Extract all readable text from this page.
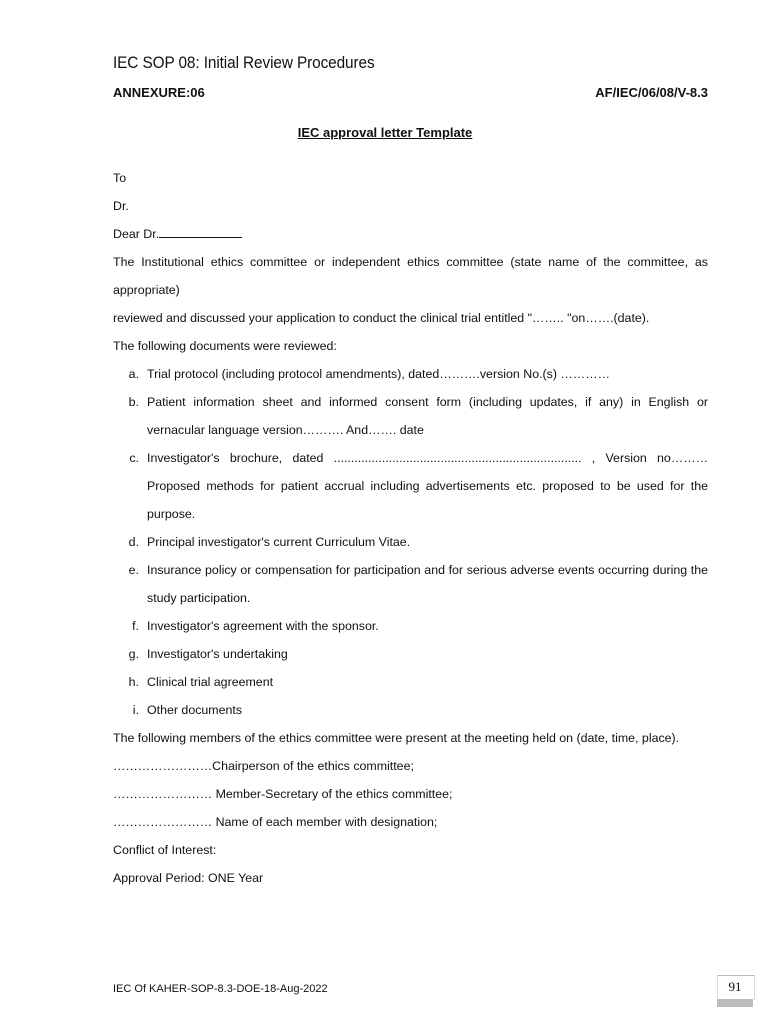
IEC SOP 08: Initial Review Procedures
ANNEXURE:06	AF/IEC/06/08/V-8.3
IEC approval letter Template
To
Dr.
Dear Dr.
The Institutional ethics committee or independent ethics committee (state name of the committee, as
appropriate)
reviewed and discussed your application to conduct the clinical trial entitled "…….. "on…….(date).
The following documents were reviewed:
a. Trial protocol (including protocol amendments), dated……….version No.(s) …………
b. Patient information sheet and informed consent form (including updates, if any) in English or vernacular language version………. And……. date
c. Investigator's brochure, dated ........................................................................ , Version no……… Proposed methods for patient accrual including advertisements etc. proposed to be used for the purpose.
d. Principal investigator's current Curriculum Vitae.
e. Insurance policy or compensation for participation and for serious adverse events occurring during the study participation.
f. Investigator's agreement with the sponsor.
g. Investigator's undertaking
h. Clinical trial agreement
i. Other documents
The following members of the ethics committee were present at the meeting held on (date, time, place).
……………………Chairperson of the ethics committee;
…………………… Member-Secretary of the ethics committee;
…………………… Name of each member with designation;
Conflict of Interest:
Approval Period: ONE Year
IEC Of KAHER-SOP-8.3-DOE-18-Aug-2022	91
